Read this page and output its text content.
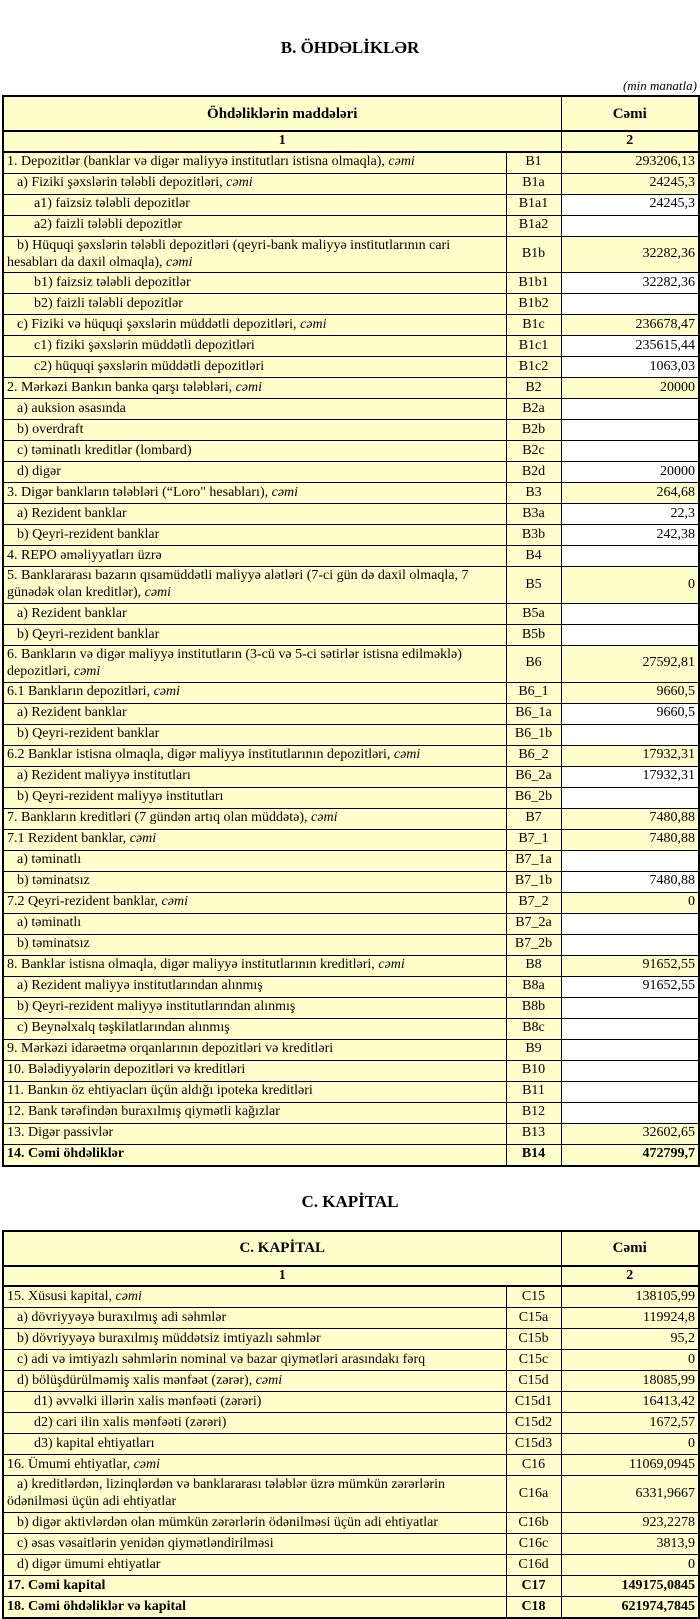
B. ÖHDƏLİKLƏR
(min manatla)
Öhdəliklərin maddələri		Cəmi
1		2
1. Depozitlər (banklar və digər maliyyə institutları istisna olmaqla), cəmi	B1	293206,13
a) Fiziki şəxslərin tələbli depozitləri, cəmi	B1a	24245,3
a1) faizsiz tələbli depozitlər	B1a1	24245,3
a2) faizli tələbli depozitlər	B1a2	
b) Hüquqi şəxslərin tələbli depozitləri (qeyri-bank maliyyə institutlarının cari hesabları da daxil olmaqla), cəmi	B1b	32282,36
b1) faizsiz tələbli depozitlər	B1b1	32282,36
b2) faizli tələbli depozitlər	B1b2	
c) Fiziki və hüquqi şəxslərin müddətli depozitləri, cəmi	B1c	236678,47
c1) fiziki şəxslərin müddətli depozitləri	B1c1	235615,44
c2) hüquqi şəxslərin müddətli depozitləri	B1c2	1063,03
2. Mərkəzi Bankın banka qarşı tələbləri, cəmi	B2	20000
a) auksion əsasında	B2a	
b) overdraft	B2b	
c) təminatlı kreditlər (lombard)	B2c	
d) digər	B2d	20000
3. Digər bankların tələbləri (“Loro" hesabları), cəmi	B3	264,68
a) Rezident banklar	B3a	22,3
b) Qeyri-rezident banklar	B3b	242,38
4. REPO əməliyyatları üzrə	B4	
5. Banklararası bazarın qısamüddətli maliyyə alətləri (7-ci gün də daxil olmaqla, 7 günədək olan kreditlər), cəmi	B5	0
a) Rezident banklar	B5a	
b) Qeyri-rezident banklar	B5b	
6. Bankların və digər maliyyə institutların (3-cü və 5-ci sətirlər istisna edilməklə) depozitləri, cəmi	B6	27592,81
6.1 Bankların depozitləri, cəmi	B6_1	9660,5
a) Rezident banklar	B6_1a	9660,5
b) Qeyri-rezident banklar	B6_1b	
6.2 Banklar istisna olmaqla, digər maliyyə institutlarının depozitləri, cəmi	B6_2	17932,31
a) Rezident maliyyə institutları	B6_2a	17932,31
b) Qeyri-rezident maliyyə institutları	B6_2b	
7. Bankların kreditləri (7 gündən artıq olan müddətə), cəmi	B7	7480,88
7.1 Rezident banklar, cəmi	B7_1	7480,88
a) təminatlı	B7_1a	
b) təminatsız	B7_1b	7480,88
7.2 Qeyri-rezident banklar, cəmi	B7_2	0
a) təminatlı	B7_2a	
b) təminatsız	B7_2b	
8. Banklar istisna olmaqla, digər maliyyə institutlarının kreditləri, cəmi	B8	91652,55
a) Rezident maliyyə institutlarından alınmış	B8a	91652,55
b) Qeyri-rezident maliyyə institutlarından alınmış	B8b	
c) Beynəlxalq təşkilatlarından alınmış	B8c	
9. Mərkəzi idarəetmə orqanlarının depozitləri və kreditləri	B9	
10. Bələdiyyələrin depozitləri və kreditləri	B10	
11. Bankın öz ehtiyacları üçün aldığı ipoteka kreditləri	B11	
12. Bank tərəfindən buraxılmış qiymətli kağızlar	B12	
13. Digər passivlər	B13	32602,65
14. Cəmi öhdəliklər	B14	472799,7
C. KAPİTAL
C. KAPİTAL		Cəmi
1		2
15. Xüsusi kapital, cəmi	C15	138105,99
a) dövriyyəyə buraxılmış adi səhmlər	C15a	119924,8
b) dövriyyəyə buraxılmış müddətsiz imtiyazlı səhmlər	C15b	95,2
c) adi və imtiyazlı səhmlərin nominal və bazar qiymətləri arasındakı fərq	C15c	0
d) bölüşdürülməmiş xalis mənfəət (zərər), cəmi	C15d	18085,99
d1) əvvəlki illərin xalis mənfəəti (zərəri)	C15d1	16413,42
d2) cari ilin xalis mənfəəti (zərəri)	C15d2	1672,57
d3) kapital ehtiyatları	C15d3	0
16. Ümumi ehtiyatlar, cəmi	C16	11069,0945
a) kreditlərdən, lizinqlərdən və banklararası tələblər üzrə mümkün zərərlərin ödənilməsi üçün adi ehtiyatlar	C16a	6331,9667
b) digər aktivlərdən olan mümkün zərərlərin ödənilməsi üçün adi ehtiyatlar	C16b	923,2278
c) əsas vəsaitlərin yenidən qiymətləndirilməsi	C16c	3813,9
d) digər ümumi ehtiyatlar	C16d	0
17. Cəmi kapital	C17	149175,0845
18. Cəmi öhdəliklər və kapital	C18	621974,7845
